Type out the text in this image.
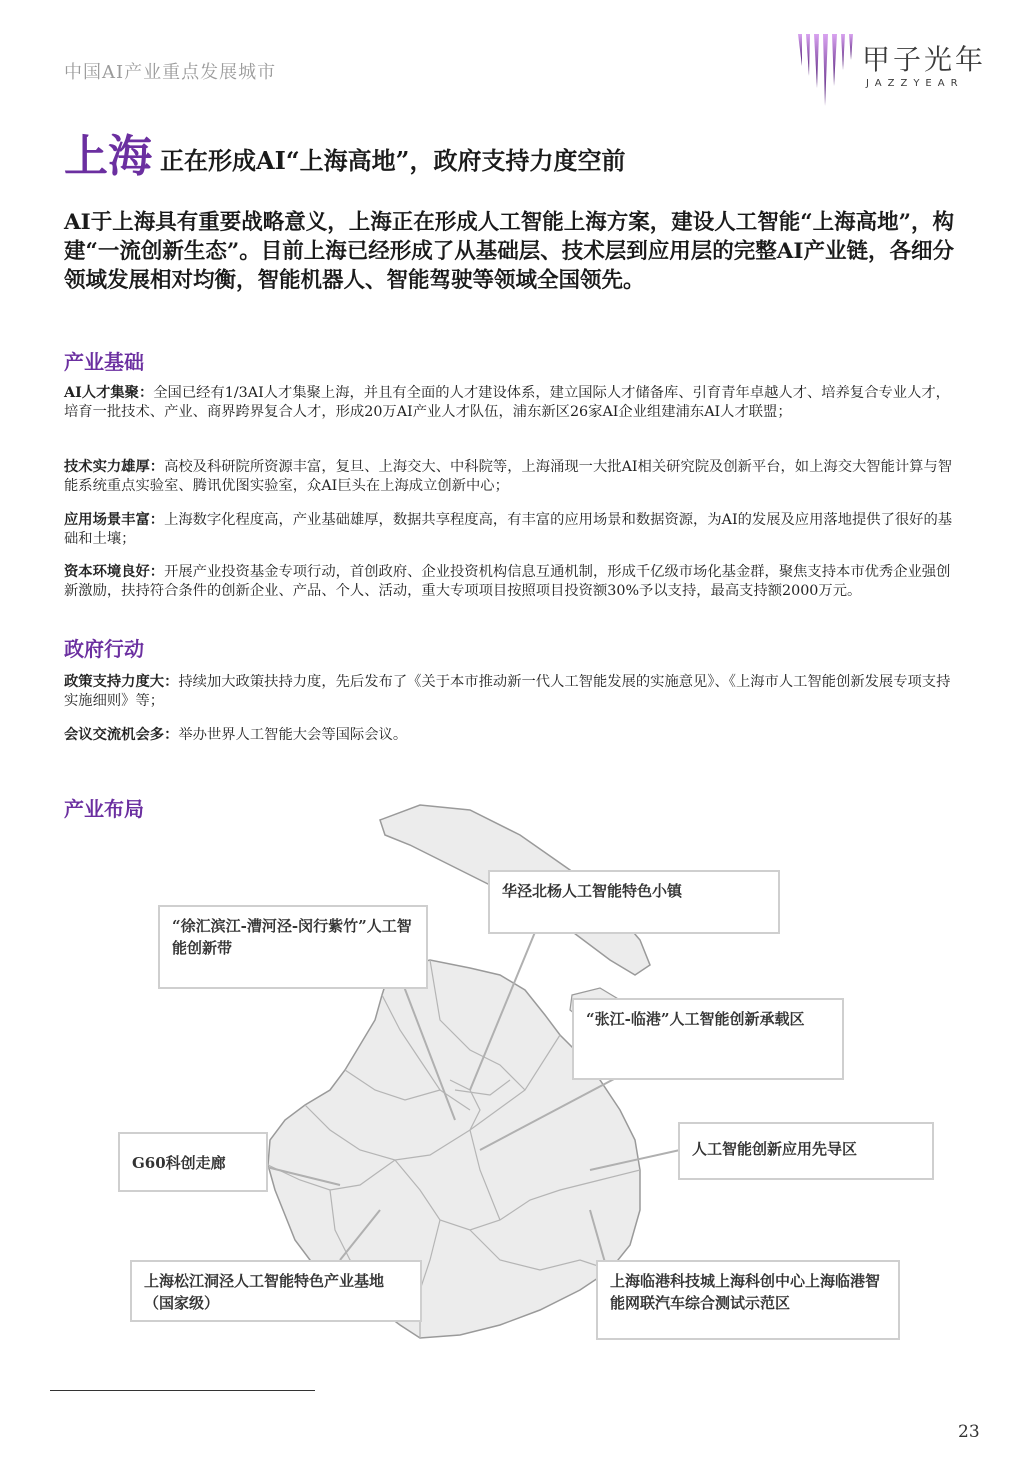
中国AI产业重点发展城市	甲子光年
JAZZYEAR
上海 正在形成AI“上海高地”，政府支持力度空前
AI于上海具有重要战略意义，上海正在形成人工智能上海方案，建设人工智能“上海高地”，构建“一流创新生态”。目前上海已经形成了从基础层、技术层到应用层的完整AI产业链，各细分领域发展相对均衡，智能机器人、智能驾驶等领域全国领先。
产业基础
AI人才集聚：全国已经有1/3AI人才集聚上海，并且有全面的人才建设体系，建立国际人才储备库、引育青年卓越人才、培养复合专业人才，培育一批技术、产业、商界跨界复合人才，形成20万AI产业人才队伍，浦东新区26家AI企业组建浦东AI人才联盟；
技术实力雄厚：高校及科研院所资源丰富，复旦、上海交大、中科院等，上海涌现一大批AI相关研究院及创新平台，如上海交大智能计算与智能系统重点实验室、腾讯优图实验室，众AI巨头在上海成立创新中心；
应用场景丰富：上海数字化程度高，产业基础雄厚，数据共享程度高，有丰富的应用场景和数据资源，为AI的发展及应用落地提供了很好的基础和土壤；
资本环境良好：开展产业投资基金专项行动，首创政府、企业投资机构信息互通机制，形成千亿级市场化基金群，聚焦支持本市优秀企业强创新激励，扶持符合条件的创新企业、产品、个人、活动，重大专项项目按照项目投资额30%予以支持，最高支持额2000万元。
政府行动
政策支持力度大：持续加大政策扶持力度，先后发布了《关于本市推动新一代人工智能发展的实施意见》、《上海市人工智能创新发展专项支持实施细则》等；
会议交流机会多：举办世界人工智能大会等国际会议。
产业布局
华泾北杨人工智能特色小镇
“徐汇滨江-漕河泾-闵行紫竹”人工智能创新带
“张江-临港”人工智能创新承载区
G60科创走廊
人工智能创新应用先导区
上海松江洞泾人工智能特色产业基地（国家级）
上海临港科技城上海科创中心上海临港智能网联汽车综合测试示范区
23
